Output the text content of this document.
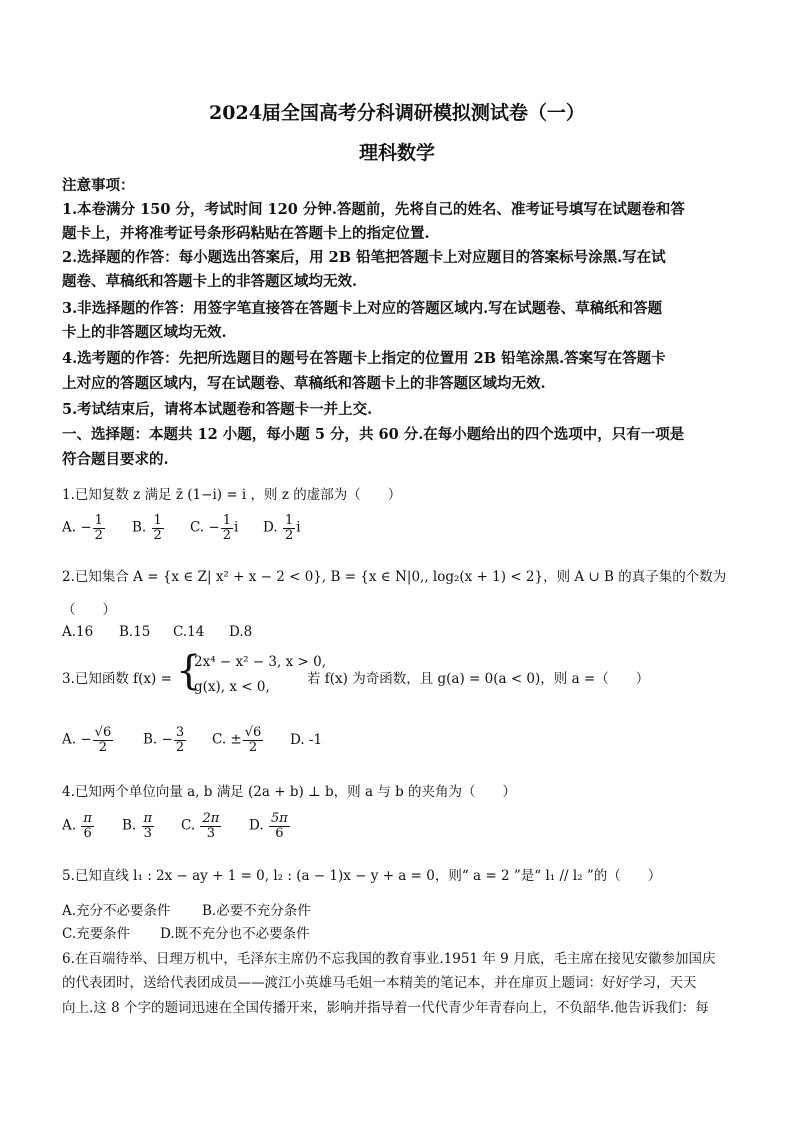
2024届全国高考分科调研模拟测试卷（一）
理科数学
注意事项：
1.本卷满分 150 分，考试时间 120 分钟.答题前，先将自己的姓名、准考证号填写在试题卷和答
题卡上，并将准考证号条形码粘贴在答题卡上的指定位置.
2.选择题的作答：每小题选出答案后，用 2B 铅笔把答题卡上对应题目的答案标号涂黑.写在试
题卷、草稿纸和答题卡上的非答题区域均无效.
3.非选择题的作答：用签字笔直接答在答题卡上对应的答题区域内.写在试题卷、草稿纸和答题
卡上的非答题区域均无效.
4.选考题的作答：先把所选题目的题号在答题卡上指定的位置用 2B 铅笔涂黑.答案写在答题卡
上对应的答题区域内，写在试题卷、草稿纸和答题卡上的非答题区域均无效.
5.考试结束后，请将本试题卷和答题卡一并上交.
一、选择题：本题共 12 小题，每小题 5 分，共 60 分.在每小题给出的四个选项中，只有一项是
符合题目要求的.
1.已知复数 z 满足 z̄ (1−i) = i ，则 z 的虚部为（　　）
A. − $\frac{1}{2} B$. $\frac{1}{2} C$. − $\frac{1}{2}$ i D. $\frac{1}{2}$ i
2.已知集合 A = {x ∈ Z| x² + x − 2 < 0}, B = {x ∈ N|0,, log₂(x + 1) < 2}，则 A ∪ B 的真子集的个数为
（　　）
A.16 B.15 C.14 D.8
3.已知函数 f(x) = {
2x⁴ − x² − 3, x > 0,
g(x), x < 0,	若 f(x) 为奇函数，且 g(a) = 0(a < 0)，则 a =（　　）
A. − $\frac{√6}{2} B$. − $\frac{3}{2} C$. ± $\frac{√6}{2} D$. -1
4.已知两个单位向量 a, b 满足 (2a + b) ⊥ b，则 a 与 b 的夹角为（　　）
A. $\frac{\pi}{6} B$. $\frac{\pi}{3} C$. $\frac{2\pi}{3} D$. $\frac{5\pi}{6}$
5.已知直线 l₁ : 2x − ay + 1 = 0, l₂ : (a − 1)x − y + a = 0，则“ a = 2 ”是“ l₁ // l₂ ”的（　　）
A.充分不必要条件 B.必要不充分条件
C.充要条件 D.既不充分也不必要条件
6.在百端待举、日理万机中，毛泽东主席仍不忘我国的教育事业.1951 年 9 月底，毛主席在接见安徽参加国庆
的代表团时，送给代表团成员——渡江小英雄马毛姐一本精美的笔记本，并在扉页上题词：好好学习，天天
向上.这 8 个字的题词迅速在全国传播开来，影响并指导着一代代青少年青春向上，不负韶华.他告诉我们：每
